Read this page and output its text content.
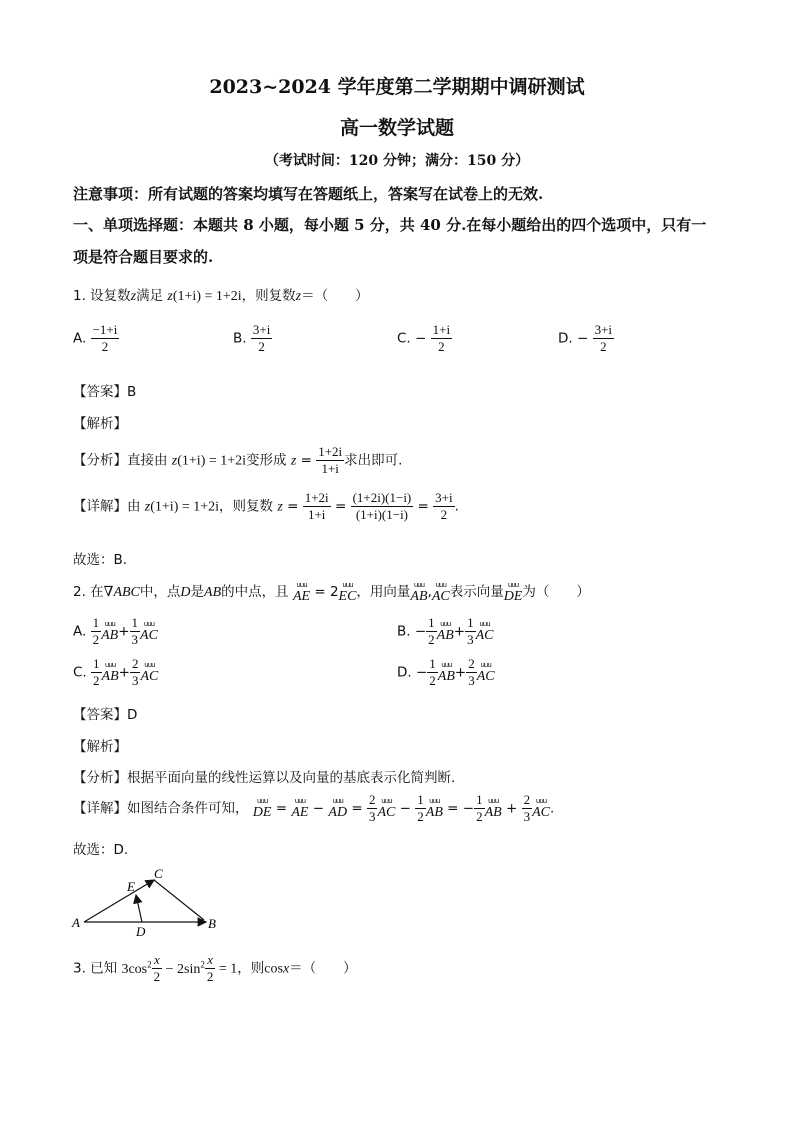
2023~2024 学年度第二学期期中调研测试
高一数学试题
（考试时间：120 分钟；满分：150 分）
注意事项：所有试题的答案均填写在答题纸上，答案写在试卷上的无效.
一、单项选择题：本题共 8 小题，每小题 5 分，共 40 分.在每小题给出的四个选项中，只有一
项是符合题目要求的.
1. 设复数z满足 z(1+i) = 1+2i，则复数z＝（　　）
A. $\frac{-1+i}{2}$	B. $\frac{3+i}{2}$	C. − $\frac{1+i}{2}$	D. − $\frac{3+i}{2}$
【答案】B
【解析】
【分析】直接由 z(1+i) = 1+2i变形成 $z = \frac{1+2i}{1+i}$ 求出即可.
【详解】由 z(1+i) = 1+2i，则复数 $z = \frac{1+2i}{1+i} = \frac{(1+2i)(1-i)}{(1+i)(1-i)} = \frac{3+i}{2}$ .
故选：B.
2. 在∇ABC中，点D是AB的中点，且 uuu
AE = 2 uuu
EC ，用向量 uuu
AB , uuu
AC 表示向量 uuu
DE 为（　　）
A. $\frac{1}{2}$ uuu
AB + $\frac{1}{3}$ uuu
AC	B. − $\frac{1}{2}$ uuu
AB + $\frac{1}{3}$ uuu
AC
C. $\frac{1}{2}$ uuu
AB + $\frac{2}{3}$ uuu
AC	D. − $\frac{1}{2}$ uuu
AB + $\frac{2}{3}$ uuu
AC
【答案】D
【解析】
【分析】根据平面向量的线性运算以及向量的基底表示化简判断.
【详解】如图结合条件可知， uuu
DE = uuu
AE − uuu
AD = $\frac{2}{3}$ uuu
AC − $\frac{1}{2}$ uuu
AB = − $\frac{1}{2}$ uuu
AB + $\frac{2}{3}$ uuu
AC .
故选：D.
A	B
C
D
E
3. 已知 $3\cos^2 \frac{x}{2} - 2\sin^2 \frac{x}{2} = 1$，则cosx＝（　　）
